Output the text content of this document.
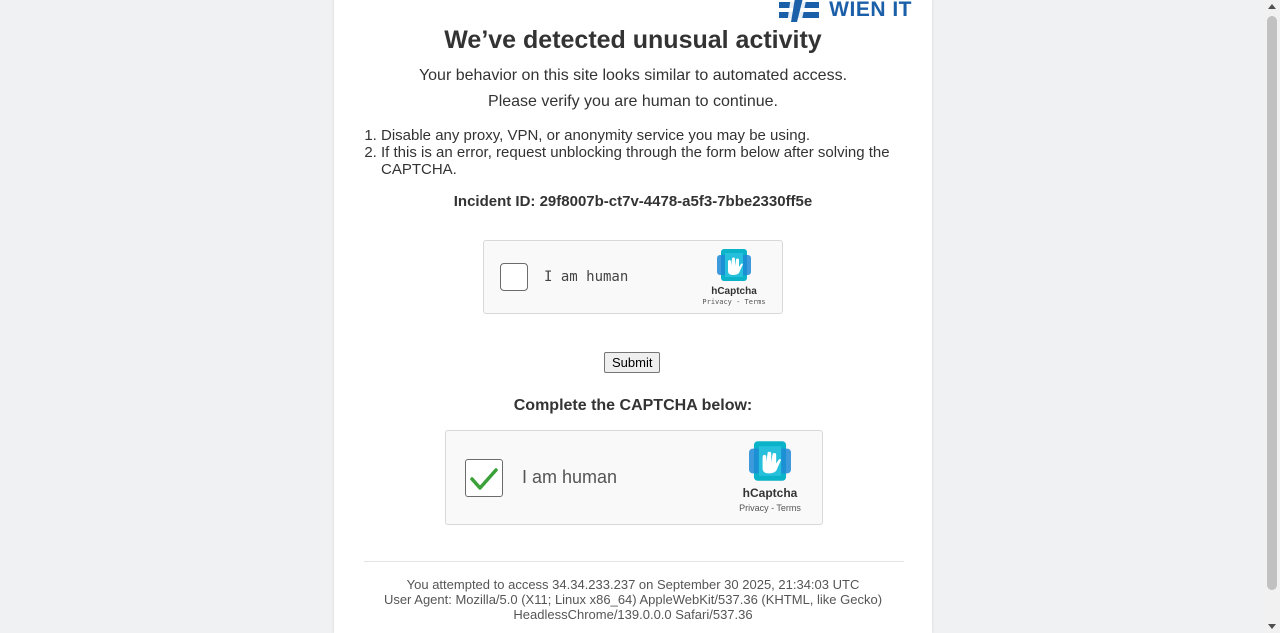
WIEN IT
We’ve detected unusual activity
Your behavior on this site looks similar to automated access.
Please verify you are human to continue.
1. Disable any proxy, VPN, or anonymity service you may be using.
2. If this is an error, request unblocking through the form below after solving the CAPTCHA.
Incident ID: 29f8007b-ct7v-4478-a5f3-7bbe2330ff5e
I am human
hCaptcha
Privacy - Terms
Submit
Complete the CAPTCHA below:
I am human
hCaptcha
Privacy - Terms
You attempted to access 34.34.233.237 on September 30 2025, 21:34:03 UTC
User Agent: Mozilla/5.0 (X11; Linux x86_64) AppleWebKit/537.36 (KHTML, like Gecko)
HeadlessChrome/139.0.0.0 Safari/537.36
